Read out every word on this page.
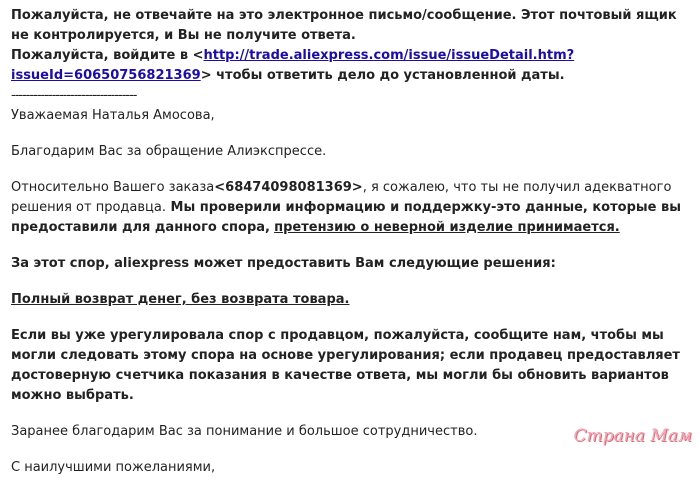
Пожалуйста, не отвечайте на это электронное письмо/сообщение. Этот почтовый ящик не контролируется, и Вы не получите ответа.

Пожалуйста, войдите в <http://trade.aliexpress.com/issue/issueDetail.htm?issueId=60650756821369> чтобы ответить дело до установленной даты.

----------------------------------

Уважаемая Наталья Амосова,

Благодарим Вас за обращение Алиэкспрессе.

Относительно Вашего заказа<68474098081369>, я сожалею, что ты не получил адекватного решения от продавца. Мы проверили информацию и поддержку-это данные, которые вы предоставили для данного спора, претензию о неверной изделие принимается.

За этот спор, aliexpress может предоставить Вам следующие решения:

Полный возврат денег, без возврата товара.

Если вы уже урегулировала спор с продавцом, пожалуйста, сообщите нам, чтобы мы могли следовать этому спора на основе урегулирования; если продавец предоставляет достоверную счетчика показания в качестве ответа, мы могли бы обновить вариантов можно выбрать.

Заранее благодарим Вас за понимание и большое сотрудничество.

С наилучшими пожеланиями,

Страна Мам
